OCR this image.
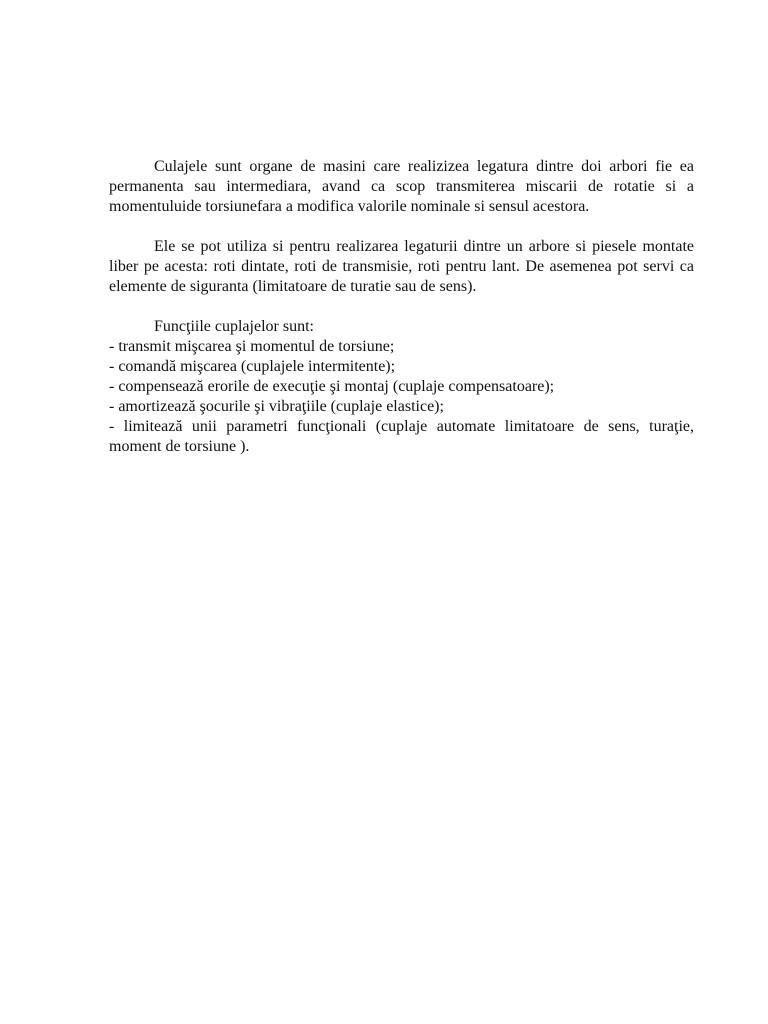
Culajele sunt organe de masini care realizizea legatura dintre doi arbori fie ea permanenta sau intermediara, avand ca scop transmiterea miscarii de rotatie si a momentuluide torsiunefara a modifica valorile nominale si sensul acestora.

Ele se pot utiliza si pentru realizarea legaturii dintre un arbore si piesele montate liber pe acesta: roti dintate, roti de transmisie, roti pentru lant. De asemenea pot servi ca elemente de siguranta (limitatoare de turatie sau de sens).

Funcţiile cuplajelor sunt:

- transmit mişcarea şi momentul de torsiune;
- comandă mişcarea (cuplajele intermitente);
- compensează erorile de execuţie şi montaj (cuplaje compensatoare);
- amortizează şocurile şi vibraţiile (cuplaje elastice);
- limitează unii parametri funcţionali (cuplaje automate limitatoare de sens, turaţie, moment de torsiune ).
